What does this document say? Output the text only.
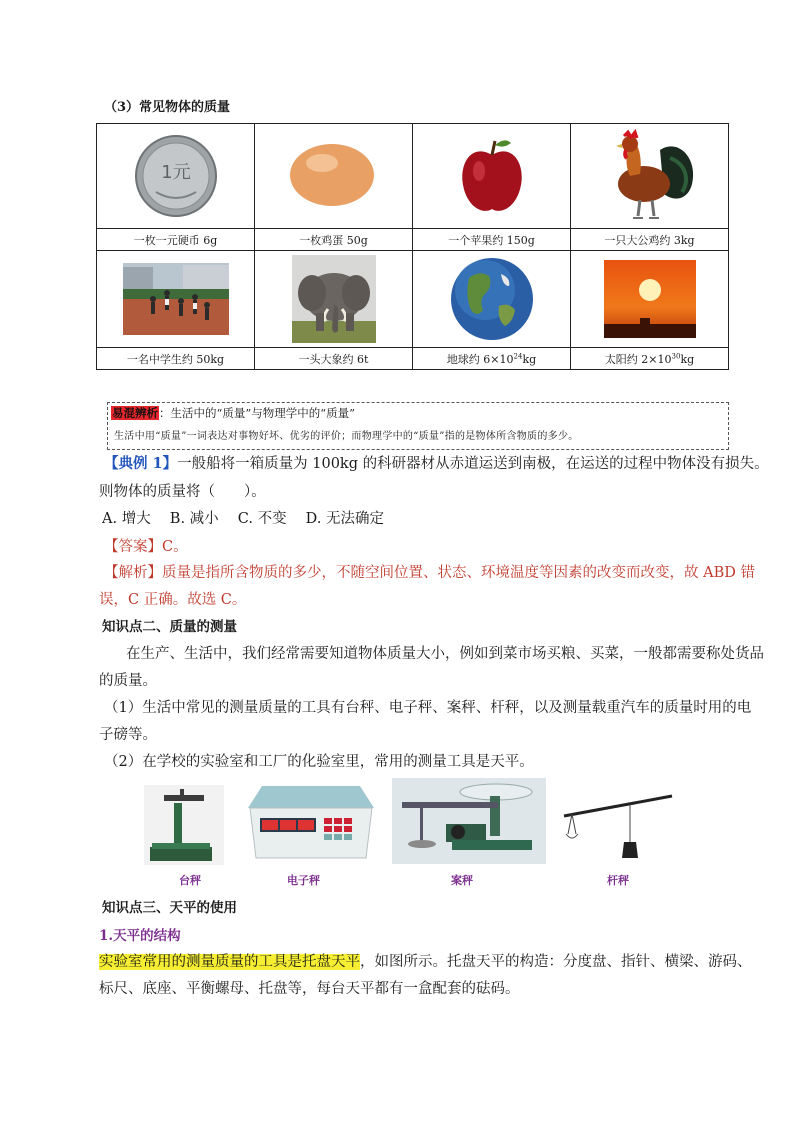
（3）常见物体的质量
1元

一枚一元硬币 6g	一枚鸡蛋 50g	一个苹果约 150g	一只大公鸡约 3kg

一名中学生约 50kg	一头大象约 6t	地球约 $6\times 10^{24}kg$	太阳约 $2\times 10^{30}kg$
易混辨析：生活中的“质量”与物理学中的“质量”
生活中用“质量”一词表达对事物好坏、优劣的评价；而物理学中的“质量”指的是物体所含物质的多少。
【典例 1】一般船将一箱质量为 100kg 的科研器材从赤道运送到南极，在运送的过程中物体没有损失。
则物体的质量将（　　）。
A. 增大　 B. 减小　 C. 不变　 D. 无法确定
【答案】C。
【解析】质量是指所含物质的多少，不随空间位置、状态、环境温度等因素的改变而改变，故 ABD 错
误，C 正确。故选 C。
知识点二、质量的测量
在生产、生活中，我们经常需要知道物体质量大小，例如到菜市场买粮、买菜，一般都需要称处货品
的质量。
（1）生活中常见的测量质量的工具有台秤、电子秤、案秤、杆秤，以及测量载重汽车的质量时用的电
子磅等。
（2）在学校的实验室和工厂的化验室里，常用的测量工具是天平。
台秤	电子秤	案秤	杆秤
知识点三、天平的使用
1.天平的结构
实验室常用的测量质量的工具是托盘天平，如图所示。托盘天平的构造：分度盘、指针、横梁、游码、
标尺、底座、平衡螺母、托盘等，每台天平都有一盒配套的砝码。
